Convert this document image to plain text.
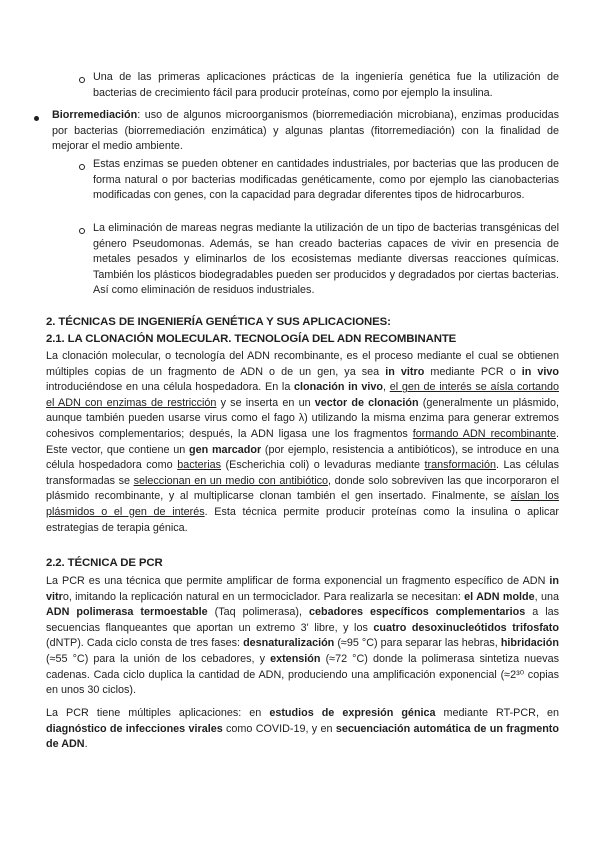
Una de las primeras aplicaciones prácticas de la ingeniería genética fue la utilización de bacterias de crecimiento fácil para producir proteínas, como por ejemplo la insulina.

Biorremediación: uso de algunos microorganismos (biorremediación microbiana), enzimas producidas por bacterias (biorremediación enzimática) y algunas plantas (fitorremediación) con la finalidad de mejorar el medio ambiente.

Estas enzimas se pueden obtener en cantidades industriales, por bacterias que las producen de forma natural o por bacterias modificadas genéticamente, como por ejemplo las cianobacterias modificadas con genes, con la capacidad para degradar diferentes tipos de hidrocarburos.

La eliminación de mareas negras mediante la utilización de un tipo de bacterias transgénicas del género Pseudomonas. Además, se han creado bacterias capaces de vivir en presencia de metales pesados y eliminarlos de los ecosistemas mediante diversas reacciones químicas. También los plásticos biodegradables pueden ser producidos y degradados por ciertas bacterias. Así como eliminación de residuos industriales.

2. TÉCNICAS DE INGENIERÍA GENÉTICA Y SUS APLICACIONES:

2.1. LA CLONACIÓN MOLECULAR. TECNOLOGÍA DEL ADN RECOMBINANTE

La clonación molecular, o tecnología del ADN recombinante, es el proceso mediante el cual se obtienen múltiples copias de un fragmento de ADN o de un gen, ya sea in vitro mediante PCR o in vivo introduciéndose en una célula hospedadora. En la clonación in vivo, el gen de interés se aísla cortando el ADN con enzimas de restricción y se inserta en un vector de clonación (generalmente un plásmido, aunque también pueden usarse virus como el fago λ) utilizando la misma enzima para generar extremos cohesivos complementarios; después, la ADN ligasa une los fragmentos formando ADN recombinante. Este vector, que contiene un gen marcador (por ejemplo, resistencia a antibióticos), se introduce en una célula hospedadora como bacterias (Escherichia coli) o levaduras mediante transformación. Las células transformadas se seleccionan en un medio con antibiótico, donde solo sobreviven las que incorporaron el plásmido recombinante, y al multiplicarse clonan también el gen insertado. Finalmente, se aíslan los plásmidos o el gen de interés. Esta técnica permite producir proteínas como la insulina o aplicar estrategias de terapia génica.

2.2. TÉCNICA DE PCR

La PCR es una técnica que permite amplificar de forma exponencial un fragmento específico de ADN in vitro, imitando la replicación natural en un termociclador. Para realizarla se necesitan: el ADN molde, una ADN polimerasa termoestable (Taq polimerasa), cebadores específicos complementarios a las secuencias flanqueantes que aportan un extremo 3' libre, y los cuatro desoxinucleótidos trifosfato (dNTP). Cada ciclo consta de tres fases: desnaturalización (≈95 °C) para separar las hebras, hibridación (≈55 °C) para la unión de los cebadores, y extensión (≈72 °C) donde la polimerasa sintetiza nuevas cadenas. Cada ciclo duplica la cantidad de ADN, produciendo una amplificación exponencial (≈2³⁰ copias en unos 30 ciclos).

La PCR tiene múltiples aplicaciones: en estudios de expresión génica mediante RT-PCR, en diagnóstico de infecciones virales como COVID-19, y en secuenciación automática de un fragmento de ADN.
